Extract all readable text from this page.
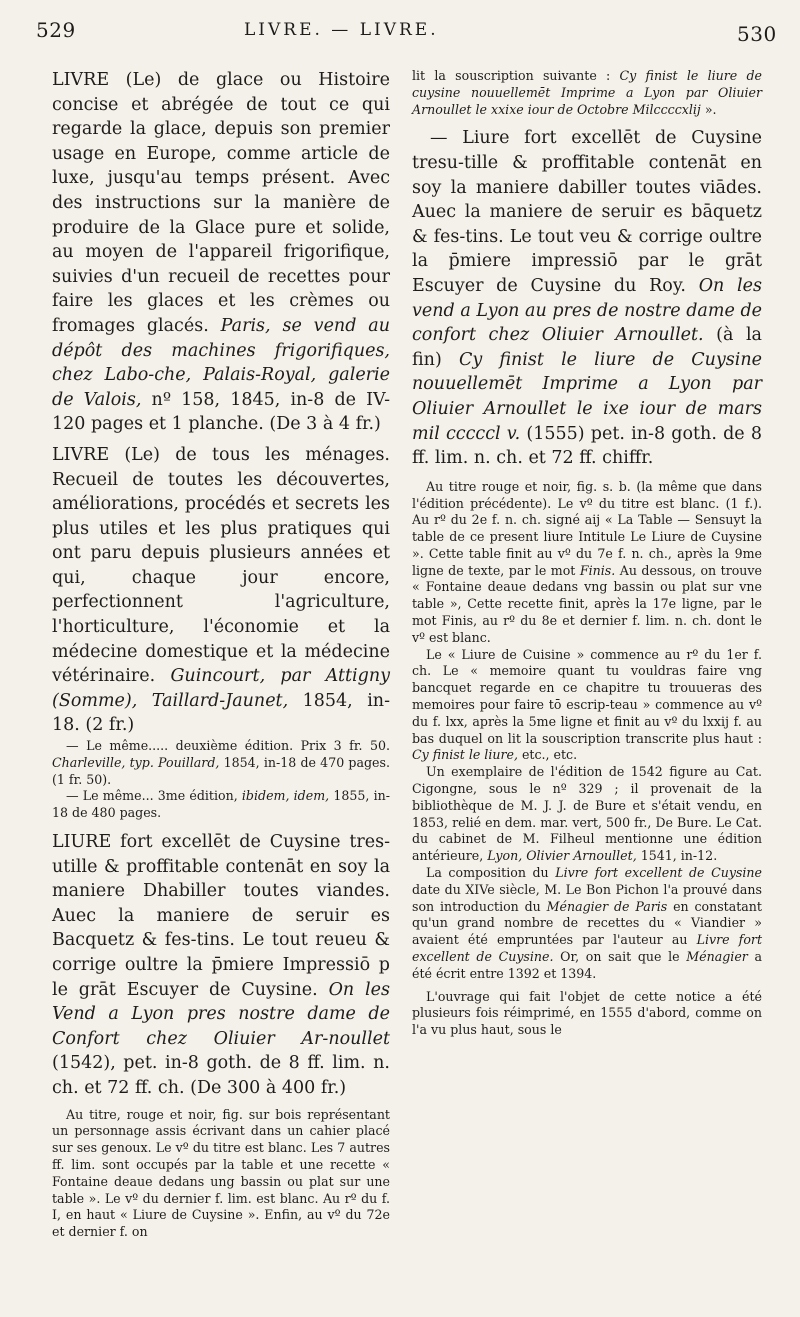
529	LIVRE. — LIVRE.	530

LIVRE (Le) de glace ou Histoire concise et abrégée de tout ce qui regarde la glace, depuis son premier usage en Europe, comme article de luxe, jusqu'au temps présent. Avec des instructions sur la manière de produire de la Glace pure et solide, au moyen de l'appareil frigorifique, suivies d'un recueil de recettes pour faire les glaces et les crèmes ou fromages glacés. Paris, se vend au dépôt des machines frigorifiques, chez Labo-che, Palais-Royal, galerie de Valois, nº 158, 1845, in-8 de IV-120 pages et 1 planche. (De 3 à 4 fr.)

LIVRE (Le) de tous les ménages. Recueil de toutes les découvertes, améliorations, procédés et secrets les plus utiles et les plus pratiques qui ont paru depuis plusieurs années et qui, chaque jour encore, perfectionnent l'agriculture, l'horticulture, l'économie et la médecine domestique et la médecine vétérinaire. Guincourt, par Attigny (Somme), Taillard-Jaunet, 1854, in-18. (2 fr.)

— Le même..... deuxième édition. Prix 3 fr. 50. Charleville, typ. Pouillard, 1854, in-18 de 470 pages. (1 fr. 50).

— Le même... 3me édition, ibidem, idem, 1855, in-18 de 480 pages.

LIURE fort excellēt de Cuysine tres-utille & proffitable contenāt en soy la maniere Dhabiller toutes viandes. Auec la maniere de seruir es Bacquetz & fes-tins. Le tout reueu & corrige oultre la p̄miere Impressiō p le grāt Escuyer de Cuysine. On les Vend a Lyon pres nostre dame de Confort chez Oliuier Ar-noullet (1542), pet. in-8 goth. de 8 ff. lim. n. ch. et 72 ff. ch. (De 300 à 400 fr.)

Au titre, rouge et noir, fig. sur bois représentant un personnage assis écrivant dans un cahier placé sur ses genoux. Le vº du titre est blanc. Les 7 autres ff. lim. sont occupés par la table et une recette « Fontaine deaue dedans ung bassin ou plat sur une table ». Le vº du dernier f. lim. est blanc. Au rº du f. I, en haut « Liure de Cuysine ». Enfin, au vº du 72e et dernier f. on

lit la souscription suivante : Cy finist le liure de cuysine nouuellemēt Imprime a Lyon par Oliuier Arnoullet le xxixe iour de Octobre Milccccxlij ».

— Liure fort excellēt de Cuysine tresu-tille & proffitable contenāt en soy la maniere dabiller toutes viādes. Auec la maniere de seruir es bāquetz & fes-tins. Le tout veu & corrige oultre la p̄miere impressiō par le grāt Escuyer de Cuysine du Roy. On les vend a Lyon au pres de nostre dame de confort chez Oliuier Arnoullet. (à la fin) Cy finist le liure de Cuysine nouuellemēt Imprime a Lyon par Oliuier Arnoullet le ixe iour de mars mil cccccl v. (1555) pet. in-8 goth. de 8 ff. lim. n. ch. et 72 ff. chiffr.

Au titre rouge et noir, fig. s. b. (la même que dans l'édition précédente). Le vº du titre est blanc. (1 f.). Au rº du 2e f. n. ch. signé aij « La Table — Sensuyt la table de ce present liure Intitule Le Liure de Cuysine ». Cette table finit au vº du 7e f. n. ch., après la 9me ligne de texte, par le mot Finis. Au dessous, on trouve « Fontaine deaue dedans vng bassin ou plat sur vne table », Cette recette finit, après la 17e ligne, par le mot Finis, au rº du 8e et dernier f. lim. n. ch. dont le vº est blanc.

Le « Liure de Cuisine » commence au rº du 1er f. ch. Le « memoire quant tu vouldras faire vng bancquet regarde en ce chapitre tu trouueras des memoires pour faire tō escrip-teau » commence au vº du f. lxx, après la 5me ligne et finit au vº du lxxij f. au bas duquel on lit la souscription transcrite plus haut : Cy finist le liure, etc., etc.

Un exemplaire de l'édition de 1542 figure au Cat. Cigongne, sous le nº 329 ; il provenait de la bibliothèque de M. J. J. de Bure et s'était vendu, en 1853, relié en dem. mar. vert, 500 fr., De Bure. Le Cat. du cabinet de M. Filheul mentionne une édition antérieure, Lyon, Olivier Arnoullet, 1541, in-12.

La composition du Livre fort excellent de Cuysine date du XIVe siècle, M. Le Bon Pichon l'a prouvé dans son introduction du Ménagier de Paris en constatant qu'un grand nombre de recettes du « Viandier » avaient été empruntées par l'auteur au Livre fort excellent de Cuysine. Or, on sait que le Ménagier a été écrit entre 1392 et 1394.

L'ouvrage qui fait l'objet de cette notice a été plusieurs fois réimprimé, en 1555 d'abord, comme on l'a vu plus haut, sous le
